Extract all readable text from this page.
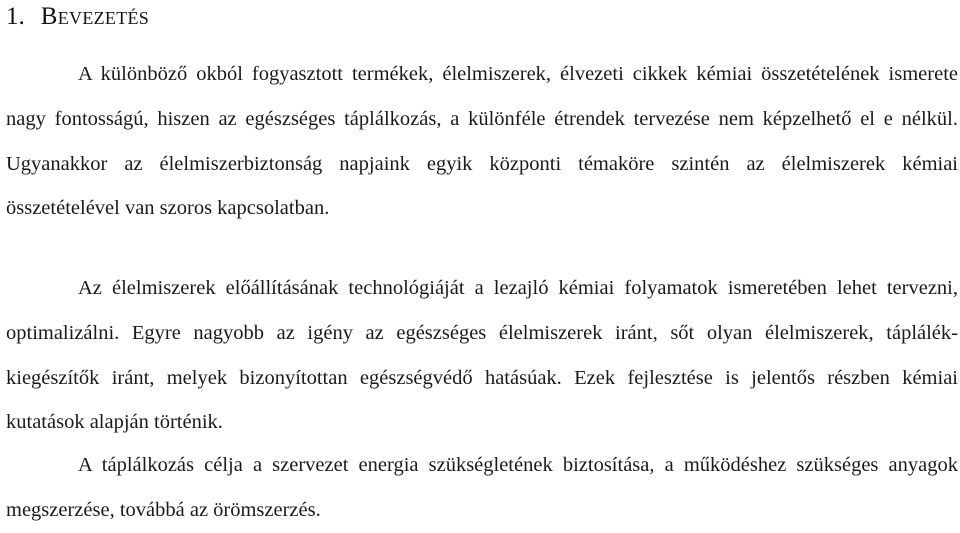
1. Bevezetés

A különböző okból fogyasztott termékek, élelmiszerek, élvezeti cikkek kémiai összetételének ismerete nagy fontosságú, hiszen az egészséges táplálkozás, a különféle étrendek tervezése nem képzelhető el e nélkül. Ugyanakkor az élelmiszerbiztonság napjaink egyik központi témaköre szintén az élelmiszerek kémiai összetételével van szoros kapcsolatban.

Az élelmiszerek előállításának technológiáját a lezajló kémiai folyamatok ismeretében lehet tervezni, optimalizálni. Egyre nagyobb az igény az egészséges élelmiszerek iránt, sőt olyan élelmiszerek, táplálék-kiegészítők iránt, melyek bizonyítottan egészségvédő hatásúak. Ezek fejlesztése is jelentős részben kémiai kutatások alapján történik.

A táplálkozás célja a szervezet energia szükségletének biztosítása, a működéshez szükséges anyagok megszerzése, továbbá az örömszerzés.
